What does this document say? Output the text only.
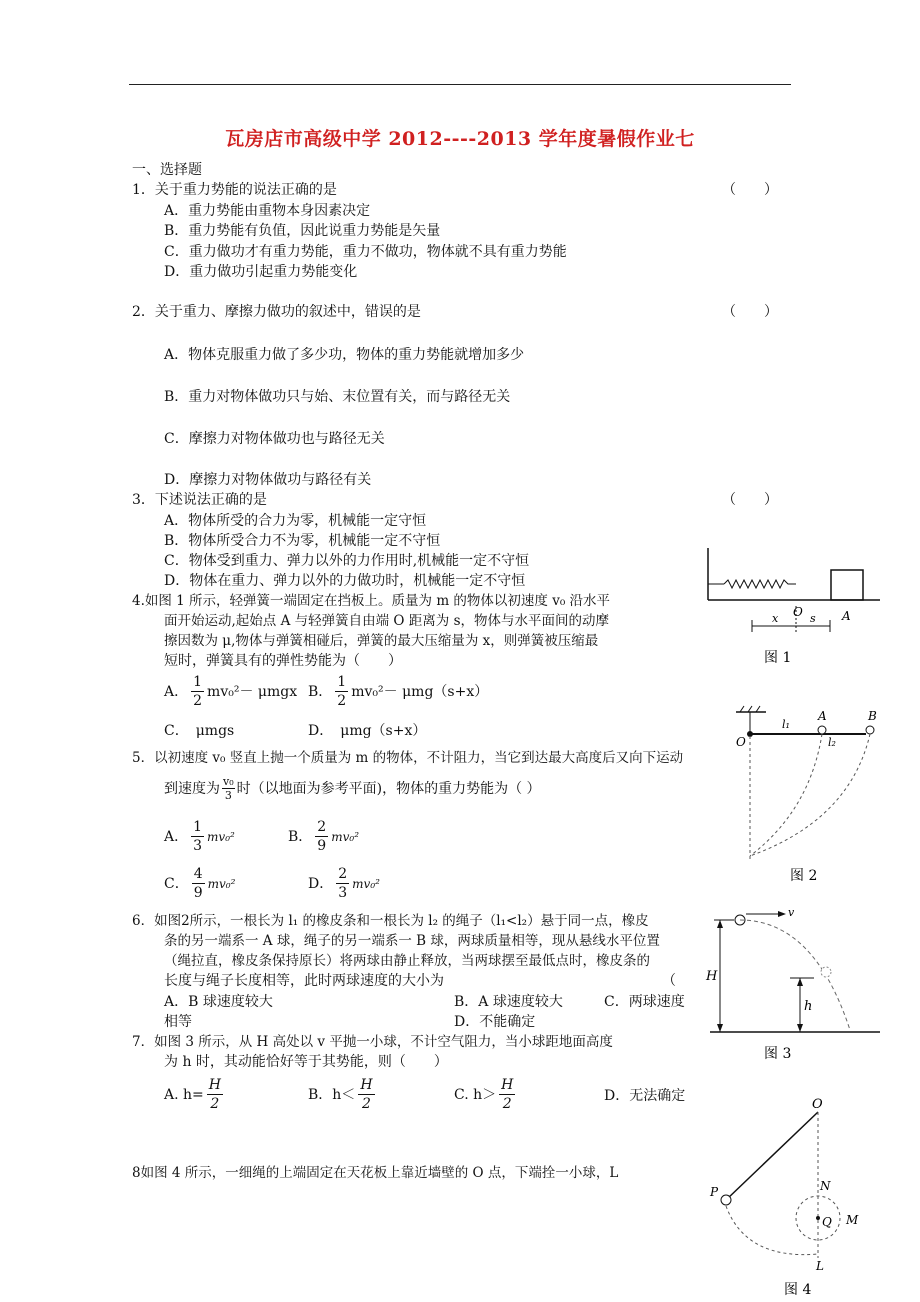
瓦房店市高级中学 2012----2013 学年度暑假作业七
一、选择题
1．关于重力势能的说法正确的是	（　　）
A．重力势能由重物本身因素决定
B．重力势能有负值，因此说重力势能是矢量
C．重力做功才有重力势能，重力不做功，物体就不具有重力势能
D．重力做功引起重力势能变化
2．关于重力、摩擦力做功的叙述中，错误的是	（　　）
A．物体克服重力做了多少功，物体的重力势能就增加多少
B．重力对物体做功只与始、末位置有关，而与路径无关
C．摩擦力对物体做功也与路径无关
D．摩擦力对物体做功与路径有关
3．下述说法正确的是	（　　）
A．物体所受的合力为零，机械能一定守恒
B．物体所受合力不为零，机械能一定不守恒
C．物体受到重力、弹力以外的力作用时,机械能一定不守恒
D．物体在重力、弹力以外的力做功时，机械能一定不守恒
4.如图 1 所示，轻弹簧一端固定在挡板上。质量为 m 的物体以初速度 v₀ 沿水平
面开始运动,起始点 A 与轻弹簧自由端 O 距离为 s，物体与水平面间的动摩
擦因数为 μ,物体与弹簧相碰后，弹簧的最大压缩量为 x，则弹簧被压缩最
短时，弹簧具有的弹性势能为（　　）
A． $\frac{1}{2} mv_0^2- \mu mgx$ B． $\frac{1}{2} mv_0^2- \mu mg(s+x)$
C．　μmgs	D．　μmg（s+x）
5．以初速度 v₀ 竖直上抛一个质量为 m 的物体，不计阻力，当它到达最大高度后又向下运动
到速度为 $\frac{\text{v₀}}{3}$ 时（以地面为参考平面)，物体的重力势能为（ ）
A． $\frac{1}{3} mv_0^2$	B． $\frac{2}{9} mv_0^2$
C． $\frac{4}{9} mv_0^2$	D． $\frac{2}{3} mv_0^2$
6．如图2所示，一根长为 l₁ 的橡皮条和一根长为 l₂ 的绳子（l₁<l₂）悬于同一点，橡皮
条的另一端系一 A 球，绳子的另一端系一 B 球，两球质量相等，现从悬线水平位置
（绳拉直，橡皮条保持原长）将两球由静止释放，当两球摆至最低点时，橡皮条的
长度与绳子长度相等，此时两球速度的大小为	（
A．B 球速度较大	B．A 球速度较大	C．两球速度
相等	D．不能确定
7．如图 3 所示，从 H 高处以 v 平抛一小球，不计空气阻力，当小球距地面高度
为 h 时，其动能恰好等于其势能，则（　　）
A. $h= \frac{H}{2}$	B．$h< \frac{H}{2}$	C. $h> \frac{H}{2}$	D．无法确定
8如图 4 所示，一细绳的上端固定在天花板上靠近墙壁的 O 点，下端拴一小球，L
x O s A
图 1
O
l₁
l₂
A	B
图 2
v
H
h
图 3
O
P	N
Q M
L
图 4
